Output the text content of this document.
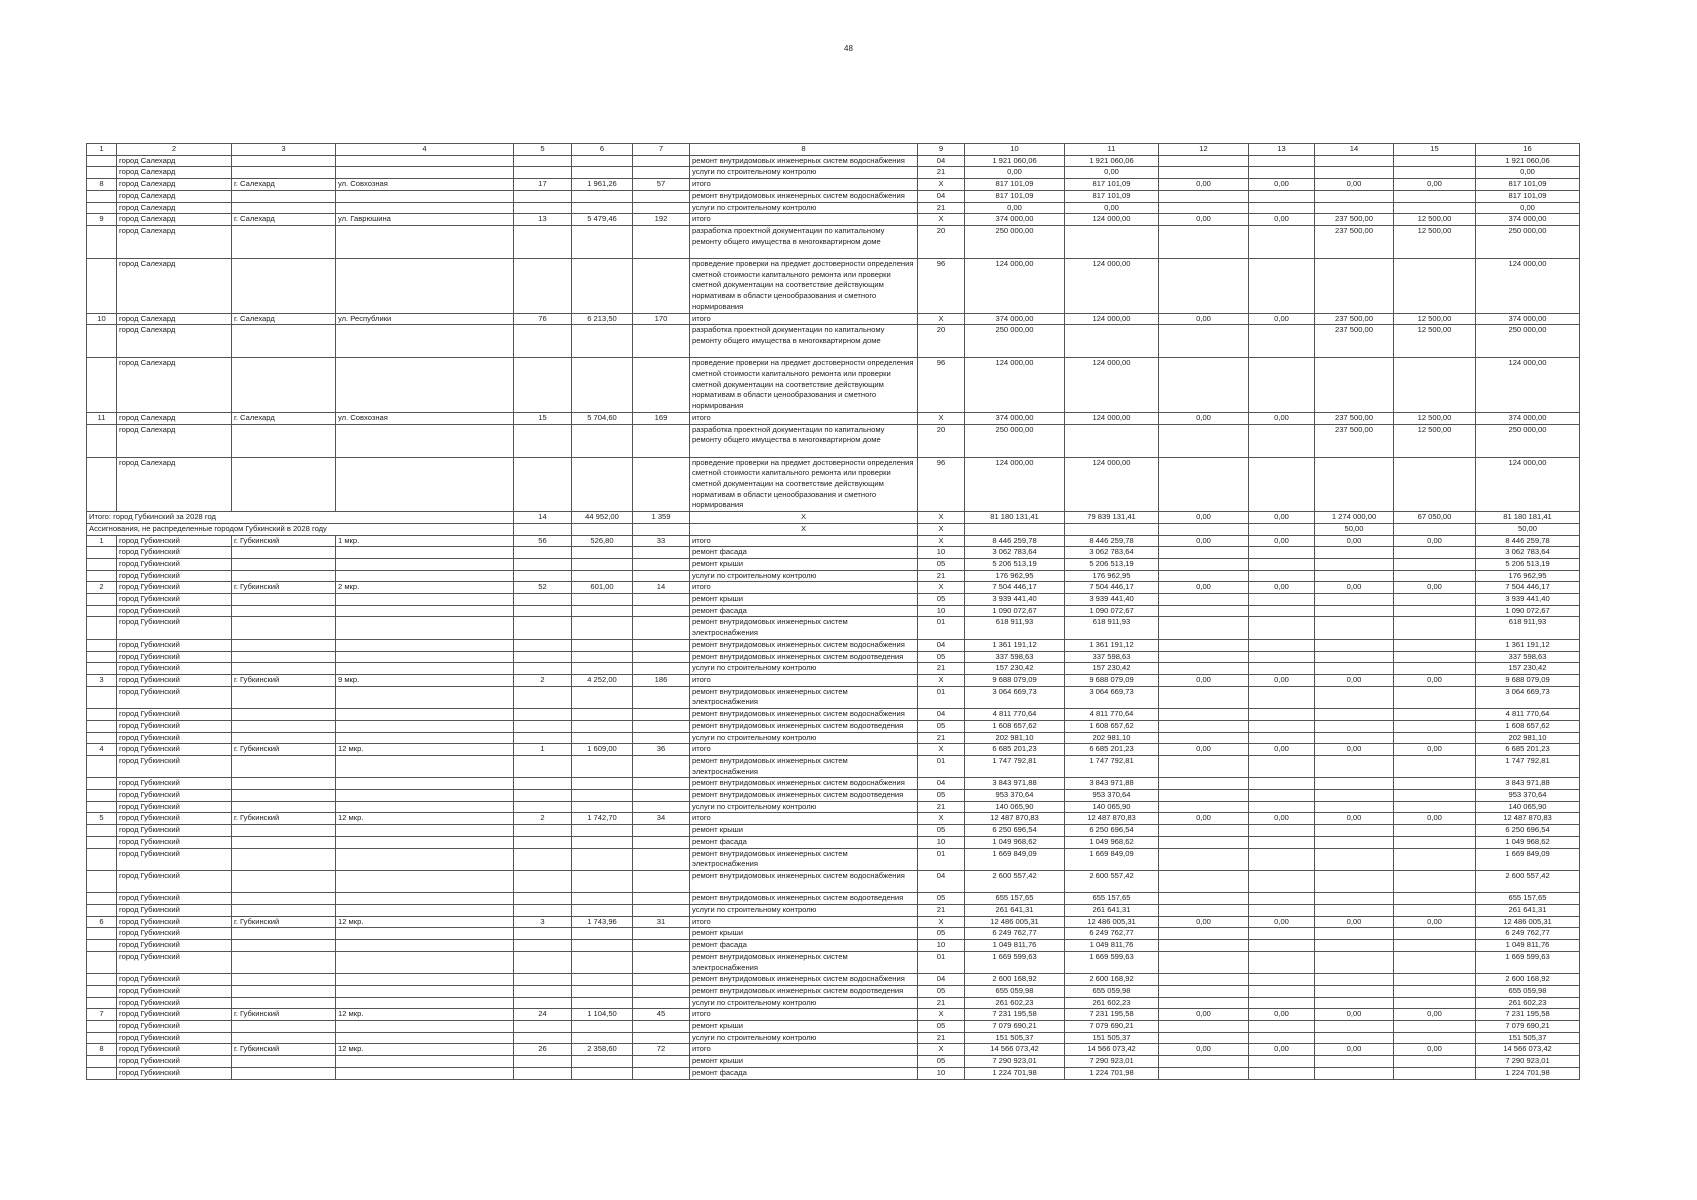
48
1	2	3	4	5	6	7	8	9	10	11	12	13	14	15	16
	город Салехард						ремонт внутридомовых инженерных систем водоснабжения	04	1 921 060,06	1 921 060,06					1 921 060,06
	город Салехард						услуги по строительному контролю	21	0,00	0,00					0,00
8	город Салехард	г. Салехард	ул. Совхозная	17	1 961,26	57	итого	Х	817 101,09	817 101,09	0,00	0,00	0,00	0,00	817 101,09
	город Салехард						ремонт внутридомовых инженерных систем водоснабжения	04	817 101,09	817 101,09					817 101,09
	город Салехард						услуги по строительному контролю	21	0,00	0,00					0,00
9	город Салехард	г. Салехард	ул. Гаврюшина	13	5 479,46	192	итого	Х	374 000,00	124 000,00	0,00	0,00	237 500,00	12 500,00	374 000,00
	город Салехард						разработка проектной документации по капитальному ремонту общего имущества в многоквартирном доме	20	250 000,00				237 500,00	12 500,00	250 000,00
	город Салехард						проведение проверки на предмет достоверности определения сметной стоимости капитального ремонта или проверки сметной документации на соответствие действующим нормативам в области ценообразования и сметного нормирования	96	124 000,00	124 000,00					124 000,00
10	город Салехард	г. Салехард	ул. Республики	76	6 213,50	170	итого	Х	374 000,00	124 000,00	0,00	0,00	237 500,00	12 500,00	374 000,00
	город Салехард						разработка проектной документации по капитальному ремонту общего имущества в многоквартирном доме	20	250 000,00				237 500,00	12 500,00	250 000,00
	город Салехард						проведение проверки на предмет достоверности определения сметной стоимости капитального ремонта или проверки сметной документации на соответствие действующим нормативам в области ценообразования и сметного нормирования	96	124 000,00	124 000,00					124 000,00
11	город Салехард	г. Салехард	ул. Совхозная	15	5 704,60	169	итого	Х	374 000,00	124 000,00	0,00	0,00	237 500,00	12 500,00	374 000,00
	город Салехард						разработка проектной документации по капитальному ремонту общего имущества в многоквартирном доме	20	250 000,00				237 500,00	12 500,00	250 000,00
	город Салехард						проведение проверки на предмет достоверности определения сметной стоимости капитального ремонта или проверки сметной документации на соответствие действующим нормативам в области ценообразования и сметного нормирования	96	124 000,00	124 000,00					124 000,00
Итого: город Губкинский за 2028 год				14	44 952,00	1 359	Х	Х	81 180 131,41	79 839 131,41	0,00	0,00	1 274 000,00	67 050,00	81 180 181,41
Ассигнования, не распределенные городом Губкинский в 2028 году							Х	Х					50,00		50,00
1	город Губкинский	г. Губкинский	1 мкр.	56	526,80	33	итого	Х	8 446 259,78	8 446 259,78	0,00	0,00	0,00	0,00	8 446 259,78
	город Губкинский						ремонт фасада	10	3 062 783,64	3 062 783,64					3 062 783,64
	город Губкинский						ремонт крыши	05	5 206 513,19	5 206 513,19					5 206 513,19
	город Губкинский						услуги по строительному контролю	21	176 962,95	176 962,95					176 962,95
2	город Губкинский	г. Губкинский	2 мкр.	52	601,00	14	итого	Х	7 504 446,17	7 504 446,17	0,00	0,00	0,00	0,00	7 504 446,17
	город Губкинский						ремонт крыши	05	3 939 441,40	3 939 441,40					3 939 441,40
	город Губкинский						ремонт фасада	10	1 090 072,67	1 090 072,67					1 090 072,67
	город Губкинский						ремонт внутридомовых инженерных систем электроснабжения	01	618 911,93	618 911,93					618 911,93
	город Губкинский						ремонт внутридомовых инженерных систем водоснабжения	04	1 361 191,12	1 361 191,12					1 361 191,12
	город Губкинский						ремонт внутридомовых инженерных систем водоотведения	05	337 598,63	337 598,63					337 598,63
	город Губкинский						услуги по строительному контролю	21	157 230,42	157 230,42					157 230,42
3	город Губкинский	г. Губкинский	9 мкр.	2	4 252,00	186	итого	Х	9 688 079,09	9 688 079,09	0,00	0,00	0,00	0,00	9 688 079,09
	город Губкинский						ремонт внутридомовых инженерных систем электроснабжения	01	3 064 669,73	3 064 669,73					3 064 669,73
	город Губкинский						ремонт внутридомовых инженерных систем водоснабжения	04	4 811 770,64	4 811 770,64					4 811 770,64
	город Губкинский						ремонт внутридомовых инженерных систем водоотведения	05	1 608 657,62	1 608 657,62					1 608 657,62
	город Губкинский						услуги по строительному контролю	21	202 981,10	202 981,10					202 981,10
4	город Губкинский	г. Губкинский	12 мкр.	1	1 609,00	36	итого	Х	6 685 201,23	6 685 201,23	0,00	0,00	0,00	0,00	6 685 201,23
	город Губкинский						ремонт внутридомовых инженерных систем электроснабжения	01	1 747 792,81	1 747 792,81					1 747 792,81
	город Губкинский						ремонт внутридомовых инженерных систем водоснабжения	04	3 843 971,88	3 843 971,88					3 843 971,88
	город Губкинский						ремонт внутридомовых инженерных систем водоотведения	05	953 370,64	953 370,64					953 370,64
	город Губкинский						услуги по строительному контролю	21	140 065,90	140 065,90					140 065,90
5	город Губкинский	г. Губкинский	12 мкр.	2	1 742,70	34	итого	Х	12 487 870,83	12 487 870,83	0,00	0,00	0,00	0,00	12 487 870,83
	город Губкинский						ремонт крыши	05	6 250 696,54	6 250 696,54					6 250 696,54
	город Губкинский						ремонт фасада	10	1 049 968,62	1 049 968,62					1 049 968,62
	город Губкинский						ремонт внутридомовых инженерных систем электроснабжения	01	1 669 849,09	1 669 849,09					1 669 849,09
	город Губкинский						ремонт внутридомовых инженерных систем водоснабжения	04	2 600 557,42	2 600 557,42					2 600 557,42
	город Губкинский						ремонт внутридомовых инженерных систем водоотведения	05	655 157,65	655 157,65					655 157,65
	город Губкинский						услуги по строительному контролю	21	261 641,31	261 641,31					261 641,31
6	город Губкинский	г. Губкинский	12 мкр.	3	1 743,96	31	итого	Х	12 486 005,31	12 486 005,31	0,00	0,00	0,00	0,00	12 486 005,31
	город Губкинский						ремонт крыши	05	6 249 762,77	6 249 762,77					6 249 762,77
	город Губкинский						ремонт фасада	10	1 049 811,76	1 049 811,76					1 049 811,76
	город Губкинский						ремонт внутридомовых инженерных систем электроснабжения	01	1 669 599,63	1 669 599,63					1 669 599,63
	город Губкинский						ремонт внутридомовых инженерных систем водоснабжения	04	2 600 168,92	2 600 168,92					2 600 168,92
	город Губкинский						ремонт внутридомовых инженерных систем водоотведения	05	655 059,98	655 059,98					655 059,98
	город Губкинский						услуги по строительному контролю	21	261 602,23	261 602,23					261 602,23
7	город Губкинский	г. Губкинский	12 мкр.	24	1 104,50	45	итого	Х	7 231 195,58	7 231 195,58	0,00	0,00	0,00	0,00	7 231 195,58
	город Губкинский						ремонт крыши	05	7 079 690,21	7 079 690,21					7 079 690,21
	город Губкинский						услуги по строительному контролю	21	151 505,37	151 505,37					151 505,37
8	город Губкинский	г. Губкинский	12 мкр.	26	2 358,60	72	итого	Х	14 566 073,42	14 566 073,42	0,00	0,00	0,00	0,00	14 566 073,42
	город Губкинский						ремонт крыши	05	7 290 923,01	7 290 923,01					7 290 923,01
	город Губкинский						ремонт фасада	10	1 224 701,98	1 224 701,98					1 224 701,98
